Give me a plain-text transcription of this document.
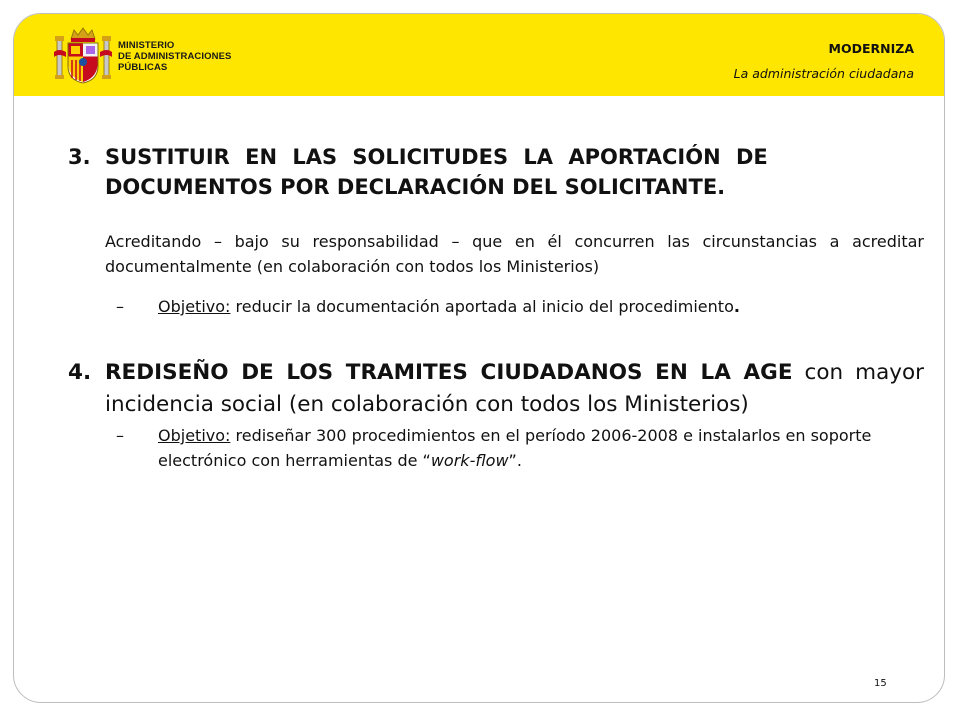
MINISTERIO
DE ADMINISTRACIONES
PÚBLICAS
MODERNIZA
La administración ciudadana
3. SUSTITUIR EN LAS SOLICITUDES LA APORTACIÓN DE
DOCUMENTOS POR DECLARACIÓN DEL SOLICITANTE.
Acreditando – bajo su responsabilidad – que en él concurren las circunstancias a acreditar documentalmente (en colaboración con todos los Ministerios)
– Objetivo: reducir la documentación aportada al inicio del procedimiento.
4. REDISEÑO DE LOS TRAMITES CIUDADANOS EN LA AGE con mayor incidencia social (en colaboración con todos los Ministerios)
– Objetivo: rediseñar 300 procedimientos en el período 2006-2008 e instalarlos en soporte electrónico con herramientas de “work-flow”.
15
